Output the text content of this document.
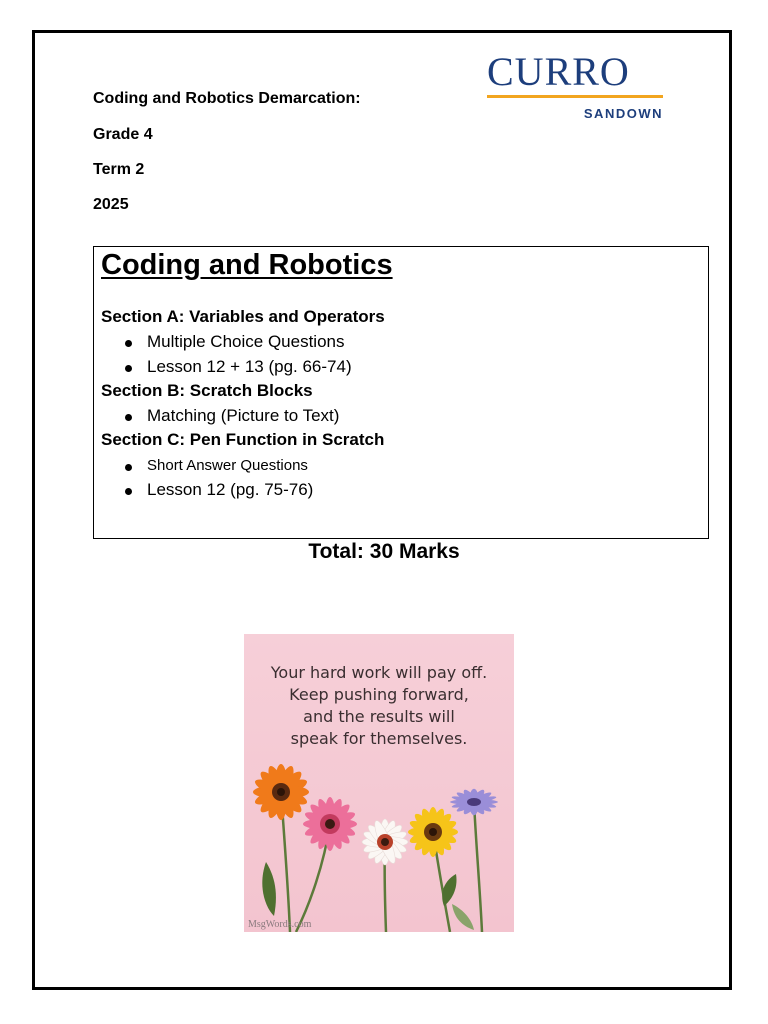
Coding and Robotics Demarcation:
Grade 4
Term 2
2025
CURRO
SANDOWN
Coding and Robotics
Section A: Variables and Operators
Multiple Choice Questions
Lesson 12 + 13 (pg. 66-74)
Section B: Scratch Blocks
Matching (Picture to Text)
Section C: Pen Function in Scratch
Short Answer Questions
Lesson 12 (pg. 75-76)
Total: 30 Marks
Your hard work will pay off.
Keep pushing forward,
and the results will
speak for themselves.
MsgWords.com
